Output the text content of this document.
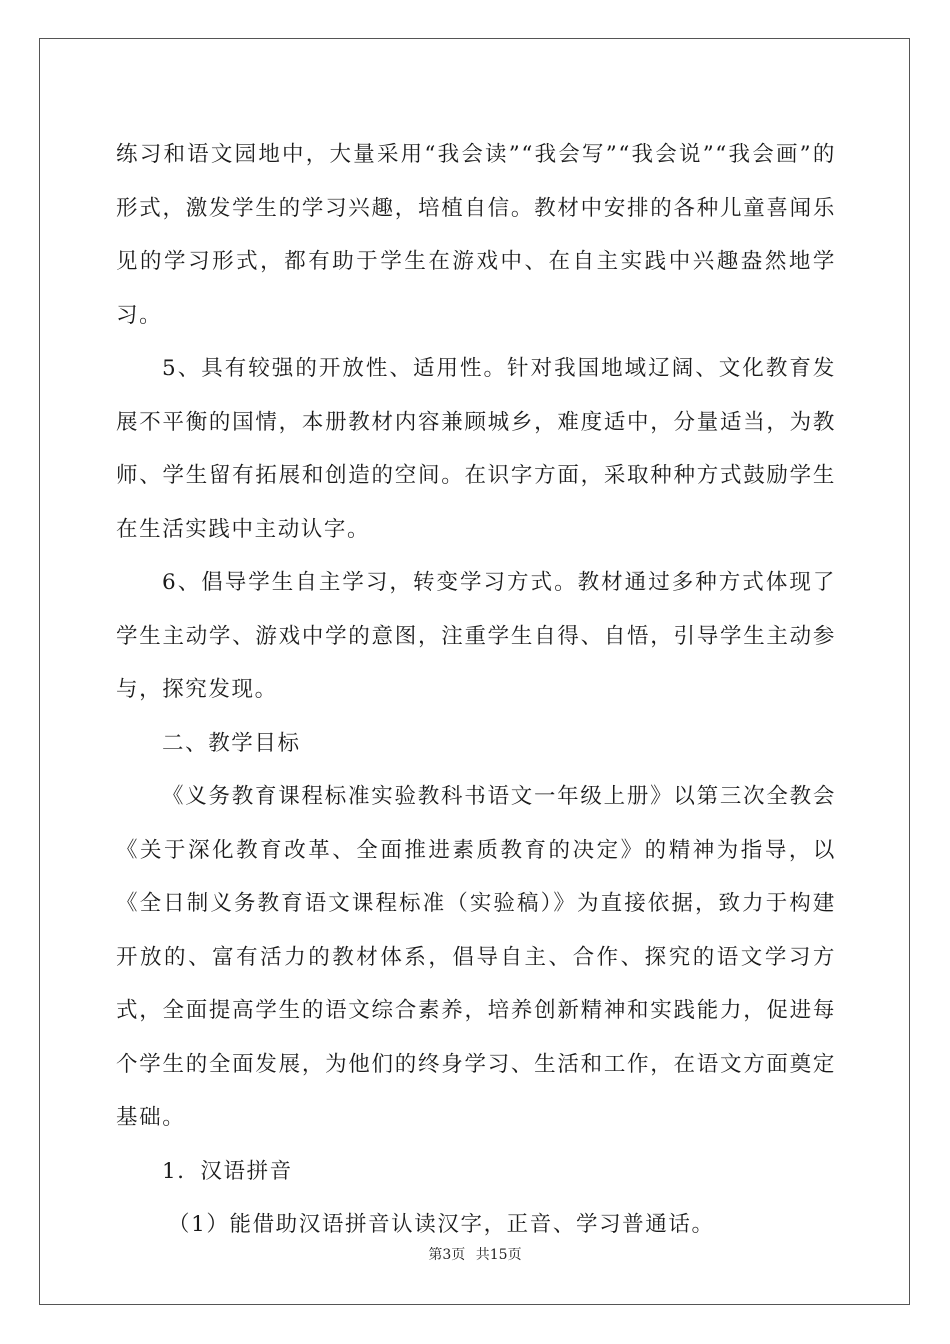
练习和语文园地中，大量采用“我会读”“我会写”“我会说”“我会画”的形式，激发学生的学习兴趣，培植自信。教材中安排的各种儿童喜闻乐见的学习形式，都有助于学生在游戏中、在自主实践中兴趣盎然地学习。

5、具有较强的开放性、适用性。针对我国地域辽阔、文化教育发展不平衡的国情，本册教材内容兼顾城乡，难度适中，分量适当，为教师、学生留有拓展和创造的空间。在识字方面，采取种种方式鼓励学生在生活实践中主动认字。

6、倡导学生自主学习，转变学习方式。教材通过多种方式体现了学生主动学、游戏中学的意图，注重学生自得、自悟，引导学生主动参与，探究发现。

二、教学目标

《义务教育课程标准实验教科书语文一年级上册》以第三次全教会《关于深化教育改革、全面推进素质教育的决定》的精神为指导，以《全日制义务教育语文课程标准（实验稿）》为直接依据，致力于构建开放的、富有活力的教材体系，倡导自主、合作、探究的语文学习方式，全面提高学生的语文综合素养，培养创新精神和实践能力，促进每个学生的全面发展，为他们的终身学习、生活和工作，在语文方面奠定基础。

1．汉语拼音

（1）能借助汉语拼音认读汉字，正音、学习普通话。

第3页 共15页
